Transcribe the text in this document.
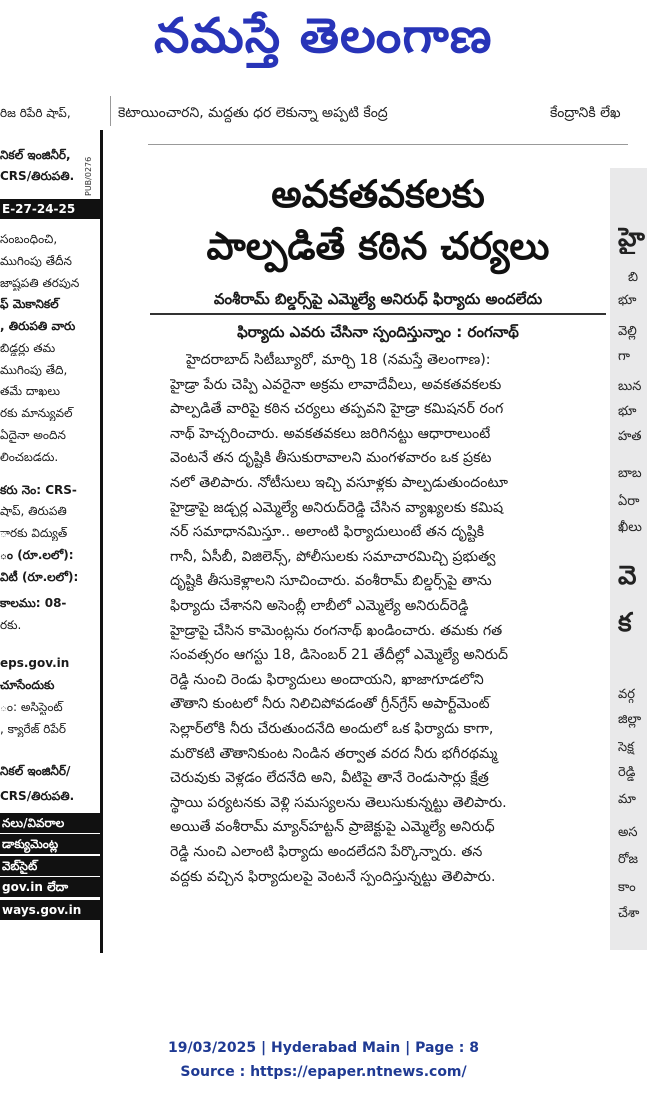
నమస్తే తెలంగాణ
కెటాయించారని, మద్దతు ధర లెకున్నా అప్పటి కేంద్ర	కేంద్రానికి లేఖ
రిజ రిపేరి షాప్,
నికల్ ఇంజినీర్,
CRS/తిరుపతి.
E-27-24-25
సంబంధించి,
ముగింపు తేదీన
జాష్టపతి తరపున
ఫ్ మెకానికల్
, తిరుపతి వారు
బిడ్డర్లు తమ
ముగింపు తేది,
తమే దాఖలు
రకు మాన్యువల్
ఏదైనా అందిన
లించబడదు.
కరు నెం: CRS-
షాప్, తిరుపతి
ారకు విద్యుత్
ం (రూ.లలో):
విటీ (రూ.లలో):
కాలము: 08-
రకు.
eps.gov.in
చూసేందుకు
ం: అసిస్టెంట్
, క్యారేజ్ రిపేర్
నికల్ ఇంజినీర్/
CRS/తిరుపతి.
నలు/వివరాల
డాక్యుమెంట్ల
వెబ్‌సైట్
gov.in లేదా
ways.gov.in
PUB/0276
హై
బి
భూ
వెల్లి
గా
బున
భూ
హత
బాబ
ఏరా
ఖీలు
వె
క
వర్గ
జిల్లా
సెక్ష
రెడ్డి
మా
అస
రోజ
కాం
చేశా
అవకతవకలకు
పాల్పడితే కఠిన చర్యలు
వంశీరామ్ బిల్డర్స్‌పై ఎమ్మెల్యే అనిరుధ్ ఫిర్యాదు అందలేదు
ఫిర్యాదు ఎవరు చేసినా స్పందిస్తున్నాం : రంగనాథ్
హైదరాబాద్ సిటీబ్యూరో, మార్చి 18 (నమస్తే తెలంగాణ):
హైడ్రా పేరు చెప్పి ఎవరైనా అక్రమ లావాదేవీలు, అవకతవకలకు
పాల్పడితే వారిపై కఠిన చర్యలు తప్పవని హైడ్రా కమిషనర్ రంగ
నాథ్ హెచ్చరించారు. అవకతవకలు జరిగినట్టు ఆధారాలుంటే
వెంటనే తన దృష్టికి తీసుకురావాలని మంగళవారం ఒక ప్రకట
నలో తెలిపారు. నోటీసులు ఇచ్చి వసూళ్లకు పాల్పడుతుందంటూ
హైడ్రాపై జడ్చర్ల ఎమ్మెల్యే అనిరుద్‌రెడ్డి చేసిన వ్యాఖ్యలకు కమిష
నర్ సమాధానమిస్తూ.. అలాంటి ఫిర్యాదులుంటే తన దృష్టికి
గానీ, ఏసీబీ, విజిలెన్స్, పోలీసులకు సమాచారమిచ్చి ప్రభుత్వ
దృష్టికి తీసుకెళ్లాలని సూచించారు. వంశీరామ్ బిల్డర్స్‌పై తాను
ఫిర్యాదు చేశానని అసెంబ్లీ లాబీలో ఎమ్మెల్యే అనిరుద్‌రెడ్డి
హైడ్రాపై చేసిన కామెంట్లను రంగనాథ్ ఖండించారు. తమకు గత
సంవత్సరం ఆగస్టు 18, డిసెంబర్ 21 తేదీల్లో ఎమ్మెల్యే అనిరుద్
రెడ్డి నుంచి రెండు ఫిర్యాదులు అందాయని, ఖాజాగూడలోని
తౌతాని కుంటలో నీరు నిలిచిపోవడంతో గ్రీన్‌గ్రేస్ అపార్ట్‌మెంట్
సెల్లార్‌లోకి నీరు చేరుతుందనేది అందులో ఒక ఫిర్యాదు కాగా,
మరొకటి తౌతానికుంట నిండిన తర్వాత వరద నీరు భగీరథమ్మ
చెరువుకు వెళ్లడం లేదనేది అని, వీటిపై తానే రెండుసార్లు క్షేత్ర
స్థాయి పర్యటనకు వెళ్లి సమస్యలను తెలుసుకున్నట్టు తెలిపారు.
అయితే వంశీరామ్ మ్యాన్‌హట్టన్ ప్రాజెక్టుపై ఎమ్మెల్యే అనిరుధ్
రెడ్డి నుంచి ఎలాంటి ఫిర్యాదు అందలేదని పేర్కొన్నారు. తన
వద్దకు వచ్చిన ఫిర్యాదులపై వెంటనే స్పందిస్తున్నట్టు తెలిపారు.
19/03/2025 | Hyderabad Main | Page : 8
Source : https://epaper.ntnews.com/
